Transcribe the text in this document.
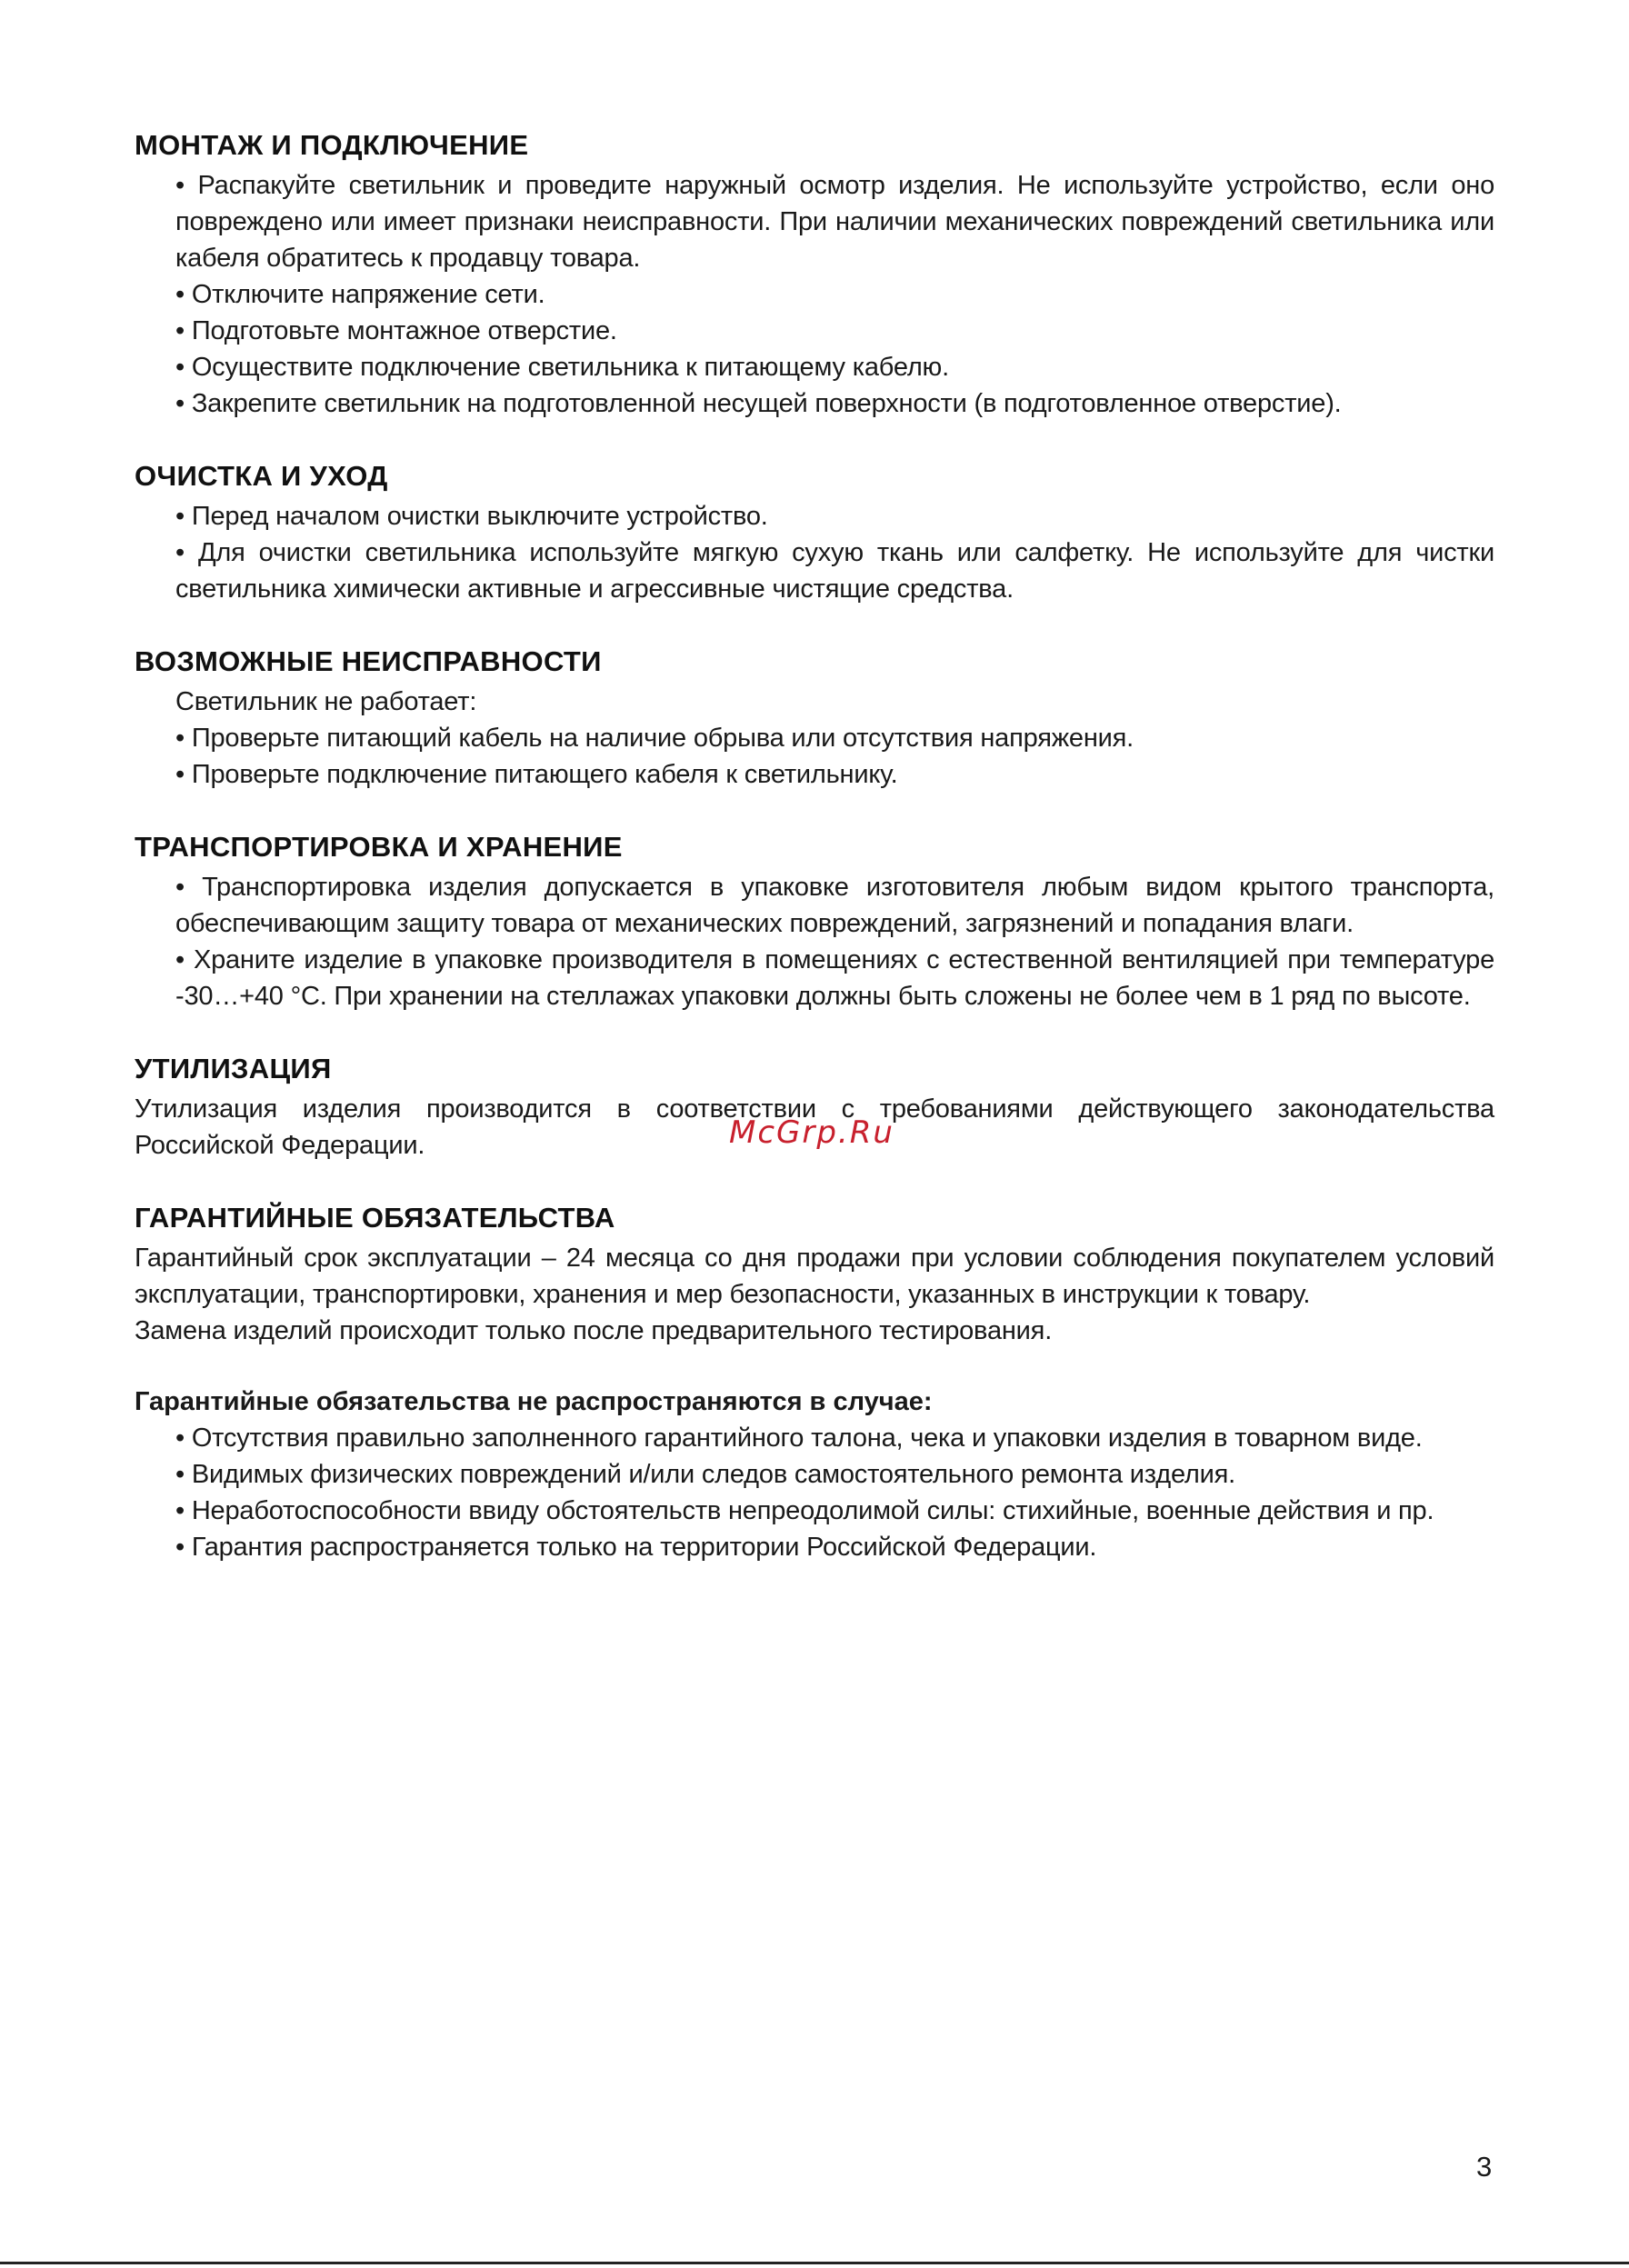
МОНТАЖ И ПОДКЛЮЧЕНИЕ

• Распакуйте светильник и проведите наружный осмотр изделия. Не используйте устройство, если оно повреждено или имеет признаки неисправности. При наличии механических повреждений светильника или кабеля обратитесь к продавцу товара.

• Отключите напряжение сети.

• Подготовьте монтажное отверстие.

• Осуществите подключение светильника к питающему кабелю.

• Закрепите светильник на подготовленной несущей поверхности (в подготовленное отверстие).

ОЧИСТКА И УХОД

• Перед началом очистки выключите устройство.

• Для очистки светильника используйте мягкую сухую ткань или салфетку. Не используйте для чистки светильника химически активные и агрессивные чистящие средства.

ВОЗМОЖНЫЕ НЕИСПРАВНОСТИ

Светильник не работает:

• Проверьте питающий кабель на наличие обрыва или отсутствия напряжения.

• Проверьте подключение питающего кабеля к светильнику.

ТРАНСПОРТИРОВКА И ХРАНЕНИЕ

• Транспортировка изделия допускается в упаковке изготовителя любым видом крытого транспорта, обеспечивающим защиту товара от механических повреждений, загрязнений и попадания влаги.

• Храните изделие в упаковке производителя в помещениях с естественной вентиляцией при температуре -30…+40 °С. При хранении на стеллажах упаковки должны быть сложены не более чем в 1 ряд по высоте.

УТИЛИЗАЦИЯ

Утилизация изделия производится в соответствии с требованиями действующего законодательства Российской Федерации.

ГАРАНТИЙНЫЕ ОБЯЗАТЕЛЬСТВА

Гарантийный срок эксплуатации – 24 месяца со дня продажи при условии соблюдения покупателем условий эксплуатации, транспортировки, хранения и мер безопасности, указанных в инструкции к товару.

Замена изделий происходит только после предварительного тестирования.

Гарантийные обязательства не распространяются в случае:

• Отсутствия правильно заполненного гарантийного талона, чека и упаковки изделия в товарном виде.

• Видимых физических повреждений и/или следов самостоятельного ремонта изделия.

• Неработоспособности ввиду обстоятельств непреодолимой силы: стихийные, военные действия и пр.

• Гарантия распространяется только на территории Российской Федерации.

McGrp.Ru
3
